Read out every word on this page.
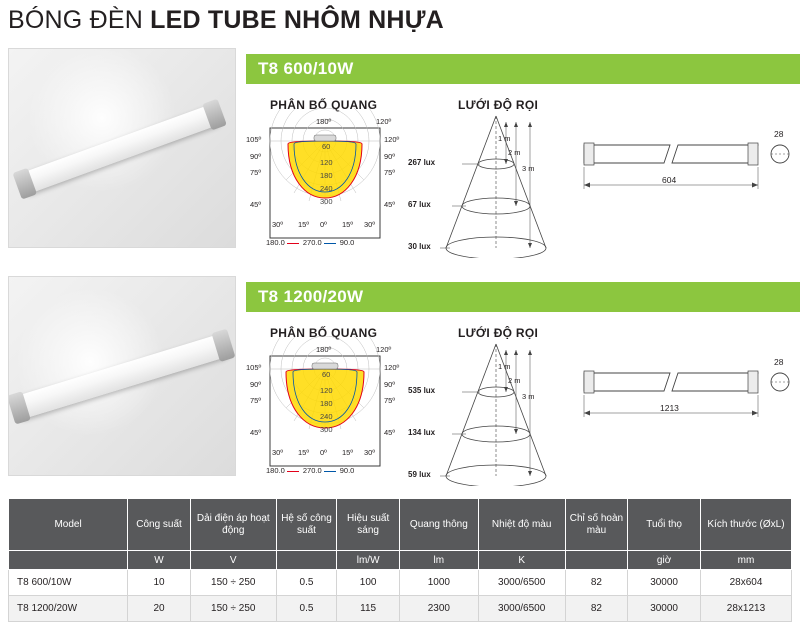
BÓNG ĐÈN LED TUBE NHÔM NHỰA
T8 600/10W
PHÂN BỐ QUANG	LƯỚI ĐỘ RỌI
180º	120º
105º
90º
75º
45º
120º
90º
75º
45º
30º 15º 0º 15º 30º
60
120
180
240
300
180.0 270.0 90.0
267 lux
67 lux
30 lux
1 m
2 m
3 m
604
28
T8 1200/20W
PHÂN BỐ QUANG	LƯỚI ĐỘ RỌI
180º	120º
105º
90º
75º
45º
120º
90º
75º
45º
30º 15º 0º 15º 30º
60
120
180
240
300
180.0 270.0 90.0
535 lux
134 lux
59 lux
1 m
2 m
3 m
1213
28
Model	Công suất	Dải điện áp hoạt động	Hệ số công suất	Hiệu suất sáng	Quang thông	Nhiệt độ màu	Chỉ số hoàn màu	Tuổi thọ	Kích thước (ØxL)
	W	V		lm/W	lm	K		giờ	mm
T8 600/10W	10	150 ÷ 250	0.5	100	1000	3000/6500	82	30000	28x604
T8 1200/20W	20	150 ÷ 250	0.5	115	2300	3000/6500	82	30000	28x1213
